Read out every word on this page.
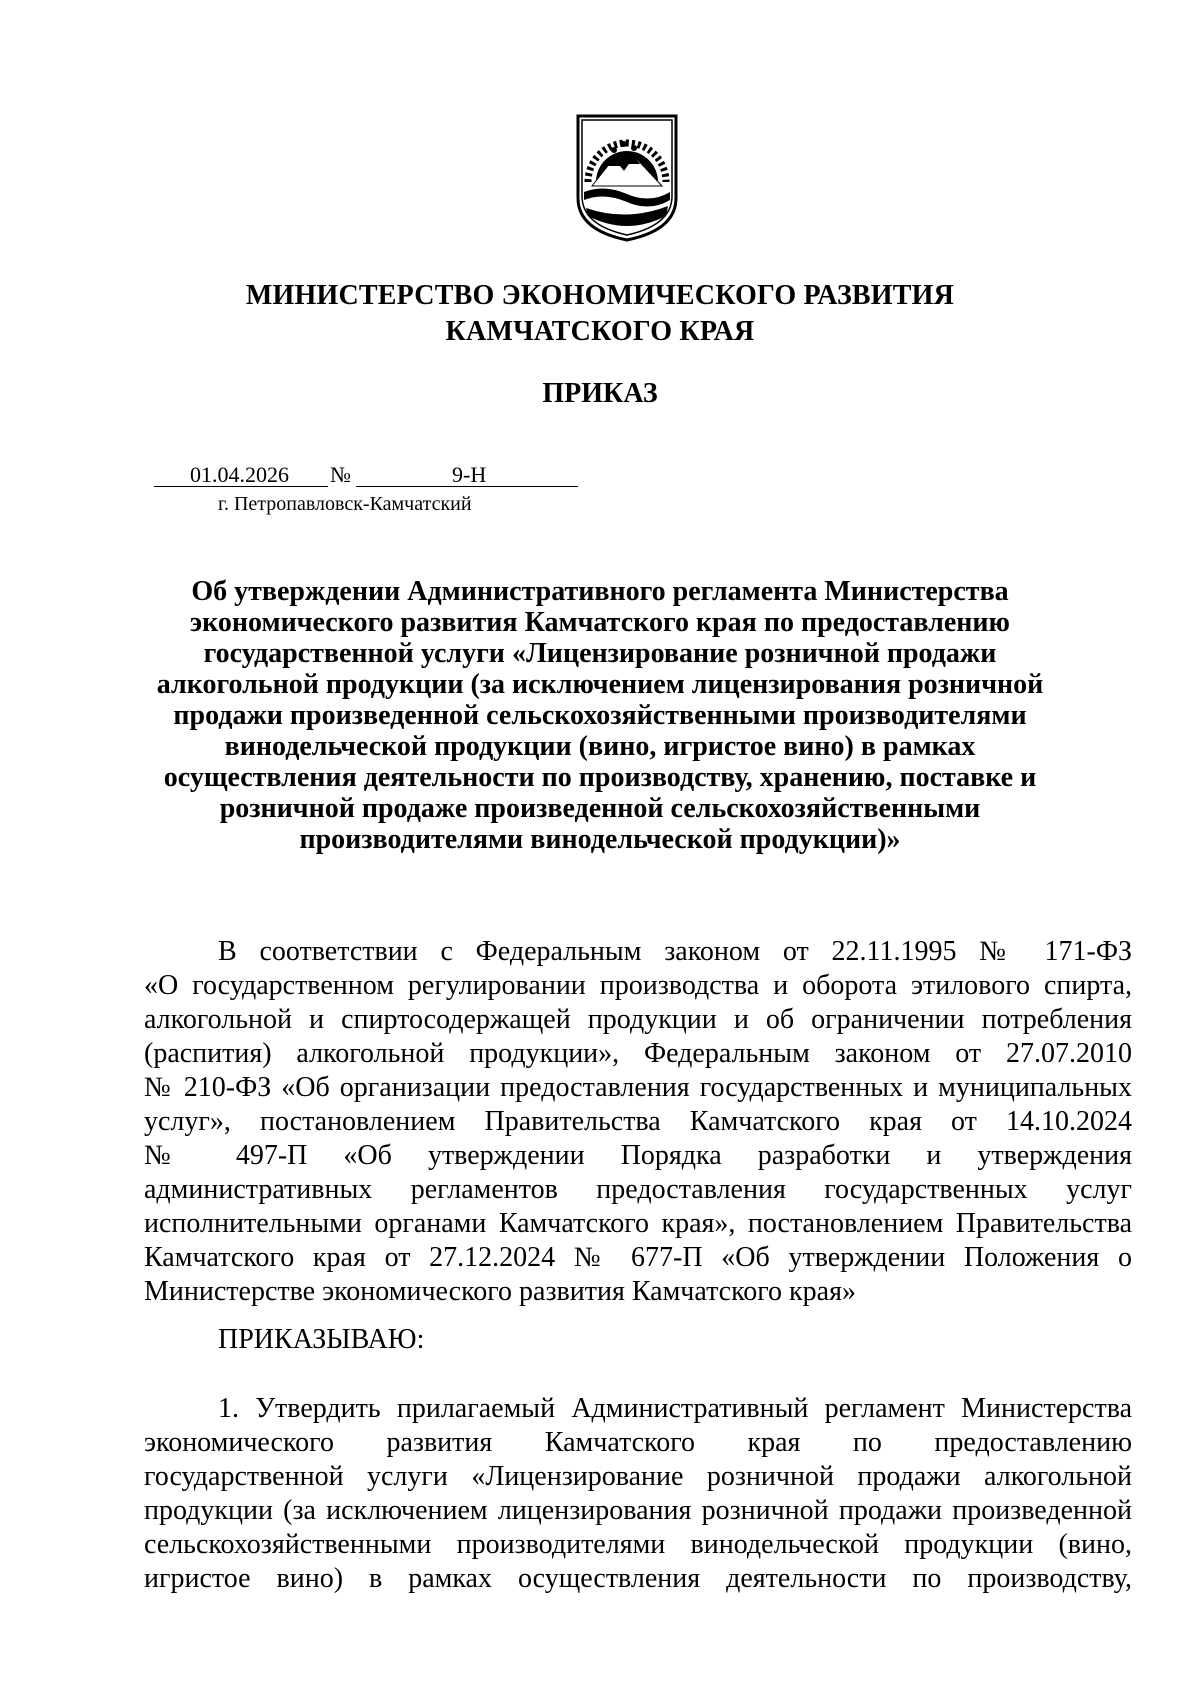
МИНИСТЕРСТВО ЭКОНОМИЧЕСКОГО РАЗВИТИЯ
КАМЧАТСКОГО КРАЯ
ПРИКАЗ
01.04.2026 №	9-Н
г. Петропавловск-Камчатский
Об утверждении Административного регламента Министерства
экономического развития Камчатского края по предоставлению
государственной услуги «Лицензирование розничной продажи
алкогольной продукции (за исключением лицензирования розничной
продажи произведенной сельскохозяйственными производителями
винодельческой продукции (вино, игристое вино) в рамках
осуществления деятельности по производству, хранению, поставке и
розничной продаже произведенной сельскохозяйственными
производителями винодельческой продукции)»
В соответствии с Федеральным законом от 22.11.1995 № 171-ФЗ
«О государственном регулировании производства и оборота этилового спирта,
алкогольной и спиртосодержащей продукции и об ограничении потребления
(распития) алкогольной продукции», Федеральным законом от 27.07.2010
№ 210-ФЗ «Об организации предоставления государственных и муниципальных
услуг», постановлением Правительства Камчатского края от 14.10.2024
№ 497-П «Об утверждении Порядка разработки и утверждения
административных регламентов предоставления государственных услуг
исполнительными органами Камчатского края», постановлением Правительства
Камчатского края от 27.12.2024 № 677-П «Об утверждении Положения о
Министерстве экономического развития Камчатского края»
ПРИКАЗЫВАЮ:
1. Утвердить прилагаемый Административный регламент Министерства
экономического развития Камчатского края по предоставлению
государственной услуги «Лицензирование розничной продажи алкогольной
продукции (за исключением лицензирования розничной продажи произведенной
сельскохозяйственными производителями винодельческой продукции (вино,
игристое вино) в рамках осуществления деятельности по производству,
